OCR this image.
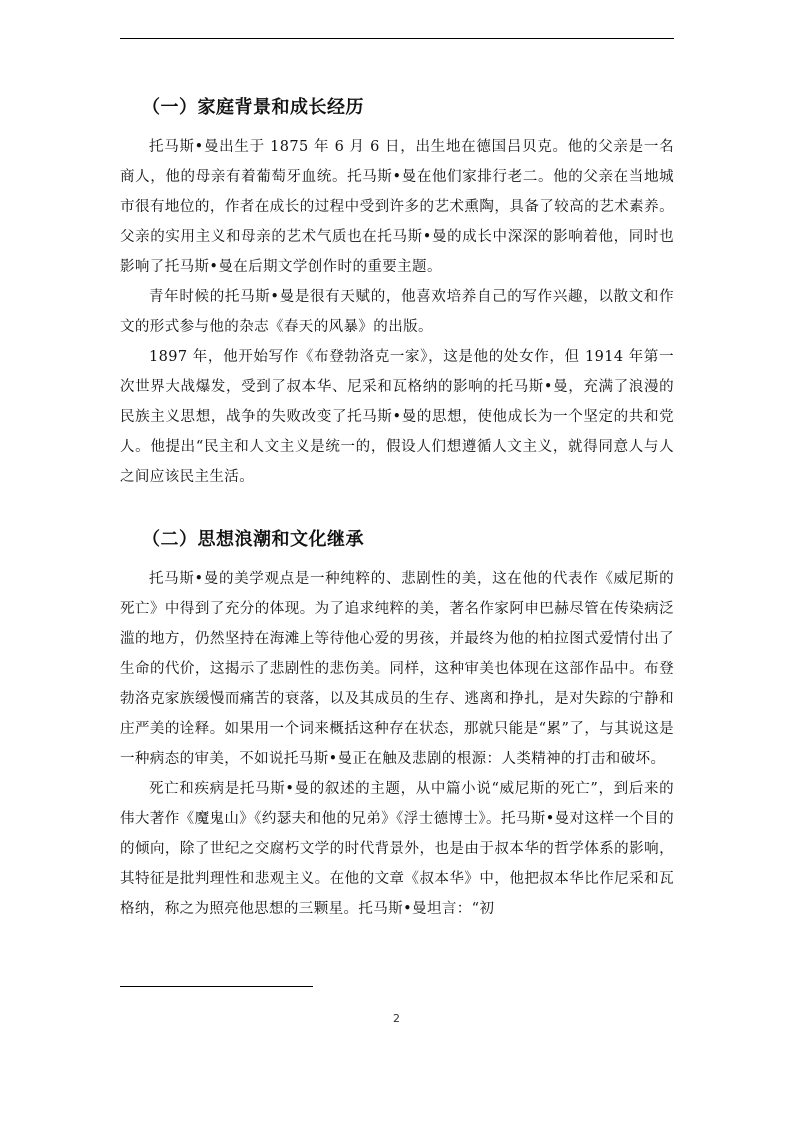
（一）家庭背景和成长经历

托马斯•曼出生于 1875 年 6 月 6 日，出生地在德国吕贝克。他的父亲是一名商人，他的母亲有着葡萄牙血统。托马斯•曼在他们家排行老二。他的父亲在当地城市很有地位的，作者在成长的过程中受到许多的艺术熏陶，具备了较高的艺术素养。父亲的实用主义和母亲的艺术气质也在托马斯•曼的成长中深深的影响着他，同时也影响了托马斯•曼在后期文学创作时的重要主题。

青年时候的托马斯•曼是很有天赋的，他喜欢培养自己的写作兴趣，以散文和作文的形式参与他的杂志《春天的风暴》的出版。

1897 年，他开始写作《布登勃洛克一家》，这是他的处女作，但 1914 年第一次世界大战爆发，受到了叔本华、尼采和瓦格纳的影响的托马斯•曼，充满了浪漫的民族主义思想，战争的失败改变了托马斯•曼的思想，使他成长为一个坚定的共和党人。他提出“民主和人文主义是统一的，假设人们想遵循人文主义，就得同意人与人之间应该民主生活。

（二）思想浪潮和文化继承

托马斯•曼的美学观点是一种纯粹的、悲剧性的美，这在他的代表作《威尼斯的死亡》中得到了充分的体现。为了追求纯粹的美，著名作家阿申巴赫尽管在传染病泛滥的地方，仍然坚持在海滩上等待他心爱的男孩，并最终为他的柏拉图式爱情付出了生命的代价，这揭示了悲剧性的悲伤美。同样，这种审美也体现在这部作品中。布登勃洛克家族缓慢而痛苦的衰落，以及其成员的生存、逃离和挣扎，是对失踪的宁静和庄严美的诠释。如果用一个词来概括这种存在状态，那就只能是“累”了，与其说这是一种病态的审美，不如说托马斯•曼正在触及悲剧的根源：人类精神的打击和破坏。

死亡和疾病是托马斯•曼的叙述的主题，从中篇小说“威尼斯的死亡”，到后来的伟大著作《魔鬼山》《约瑟夫和他的兄弟》《浮士德博士》。托马斯•曼对这样一个目的的倾向，除了世纪之交腐朽文学的时代背景外，也是由于叔本华的哲学体系的影响，其特征是批判理性和悲观主义。在他的文章《叔本华》中，他把叔本华比作尼采和瓦格纳，称之为照亮他思想的三颗星。托马斯•曼坦言：“初

2
